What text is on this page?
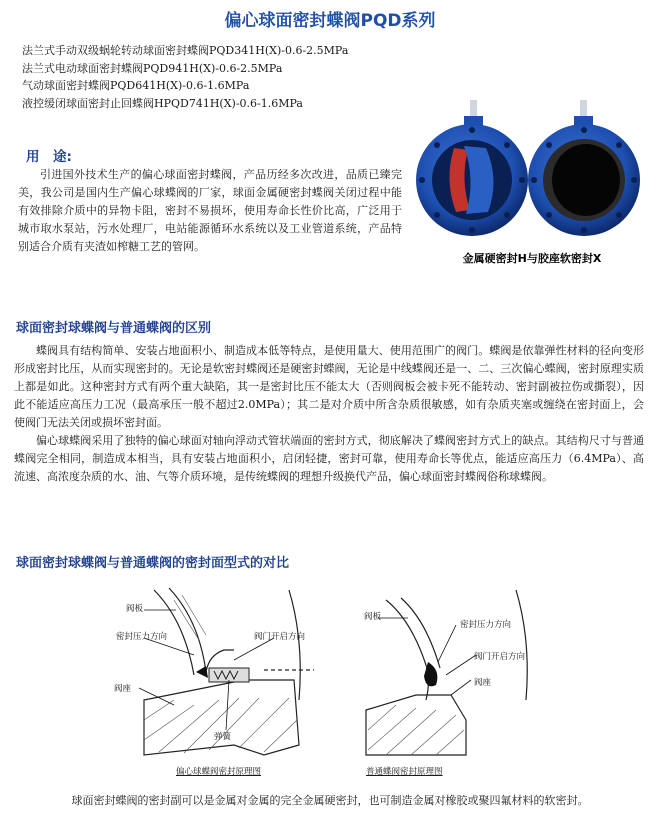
偏心球面密封蝶阀PQD系列
法兰式手动双级蜗轮转动球面密封蝶阀PQD341H(X)-0.6-2.5MPa
法兰式电动球面密封蝶阀PQD941H(X)-0.6-2.5MPa
气动球面密封蝶阀PQD641H(X)-0.6-1.6MPa
液控缓闭球面密封止回蝶阀HPQD741H(X)-0.6-1.6MPa
用　途:
引进国外技术生产的偏心球面密封蝶阀，产品历经多次改进，品质已臻完美，我公司是国内生产偏心球蝶阀的厂家，球面金属硬密封蝶阀关闭过程中能有效排除介质中的异物卡阻，密封不易损坏，使用寿命长性价比高，广泛用于城市取水泵站，污水处理厂，电站能源循环水系统以及工业管道系统，产品特别适合介质有夹渣如榨糖工艺的管网。
金属硬密封H与胶座软密封X
球面密封球蝶阀与普通蝶阀的区别
蝶阀具有结构简单、安装占地面积小、制造成本低等特点，是使用量大、使用范围广的阀门。蝶阀是依靠弹性材料的径向变形形成密封比压，从而实现密封的。无论是软密封蝶阀还是硬密封蝶阀，无论是中线蝶阀还是一、二、三次偏心蝶阀，密封原理实质上都是如此。这种密封方式有两个重大缺陷，其一是密封比压不能太大（否则阀板会被卡死不能转动、密封副被拉伤或撕裂），因此不能适应高压力工况（最高承压一般不超过2.0MPa）；其二是对介质中所含杂质很敏感，如有杂质夹塞或缠绕在密封面上，会使阀门无法关闭或损坏密封面。
偏心球蝶阀采用了独特的偏心球面对轴向浮动式管状端面的密封方式，彻底解决了蝶阀密封方式上的缺点。其结构尺寸与普通蝶阀完全相同，制造成本相当，具有安装占地面积小，启闭轻捷，密封可靠，使用寿命长等优点，能适应高压力（6.4MPa）、高流速、高浓度杂质的水、油、气等介质环境，是传统蝶阀的理想升级换代产品，偏心球面密封蝶阀俗称球蝶阀。
球面密封球蝶阀与普通蝶阀的密封面型式的对比
阀板
密封压力方向	阀门开启方向
阀座
弹簧
偏心球蝶阀密封原理图
阀板
密封压力方向
阀门开启方向
阀座
普通蝶阀密封原理图
球面密封蝶阀的密封副可以是金属对金属的完全金属硬密封，也可制造金属对橡胶或聚四氟材料的软密封。
